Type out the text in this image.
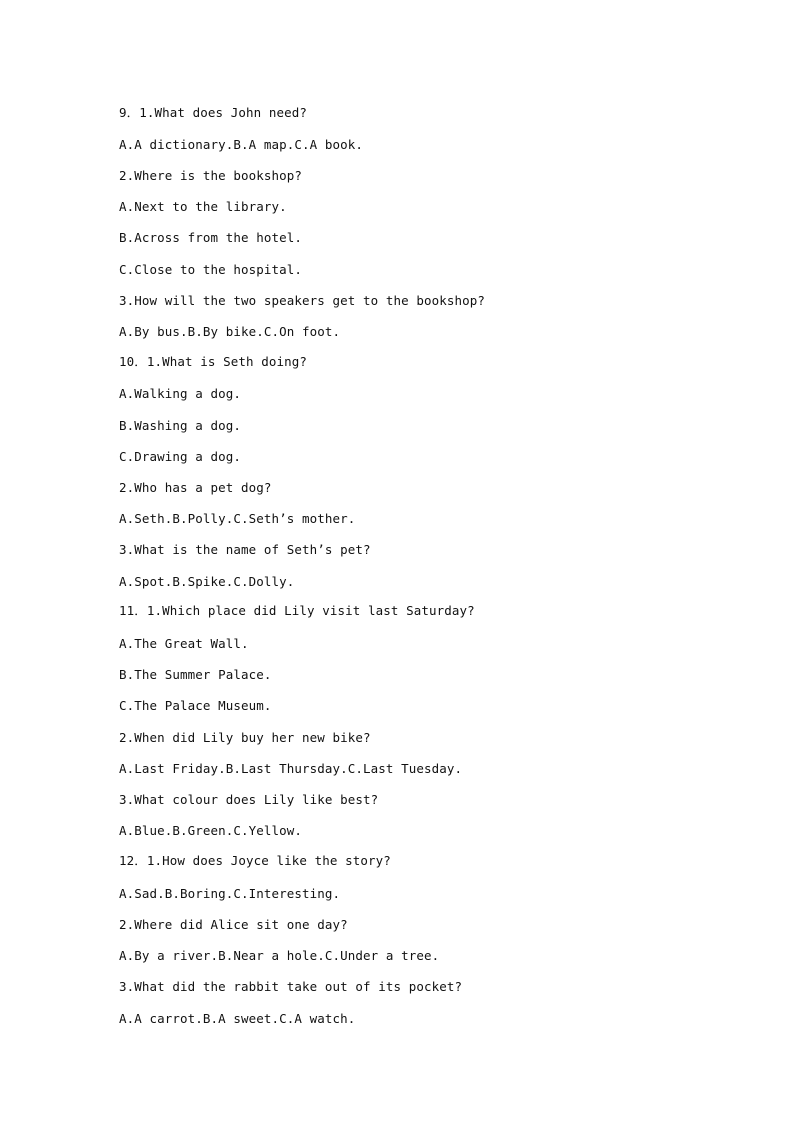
9．1.What does John need?
A.A dictionary.B.A map.C.A book.
2.Where is the bookshop?
A.Next to the library.
B.Across from the hotel.
C.Close to the hospital.
3.How will the two speakers get to the bookshop?
A.By bus.B.By bike.C.On foot.
10．1.What is Seth doing?
A.Walking a dog.
B.Washing a dog.
C.Drawing a dog.
2.Who has a pet dog?
A.Seth.B.Polly.C.Seth’s mother.
3.What is the name of Seth’s pet?
A.Spot.B.Spike.C.Dolly.
11．1.Which place did Lily visit last Saturday?
A.The Great Wall.
B.The Summer Palace.
C.The Palace Museum.
2.When did Lily buy her new bike?
A.Last Friday.B.Last Thursday.C.Last Tuesday.
3.What colour does Lily like best?
A.Blue.B.Green.C.Yellow.
12．1.How does Joyce like the story?
A.Sad.B.Boring.C.Interesting.
2.Where did Alice sit one day?
A.By a river.B.Near a hole.C.Under a tree.
3.What did the rabbit take out of its pocket?
A.A carrot.B.A sweet.C.A watch.
